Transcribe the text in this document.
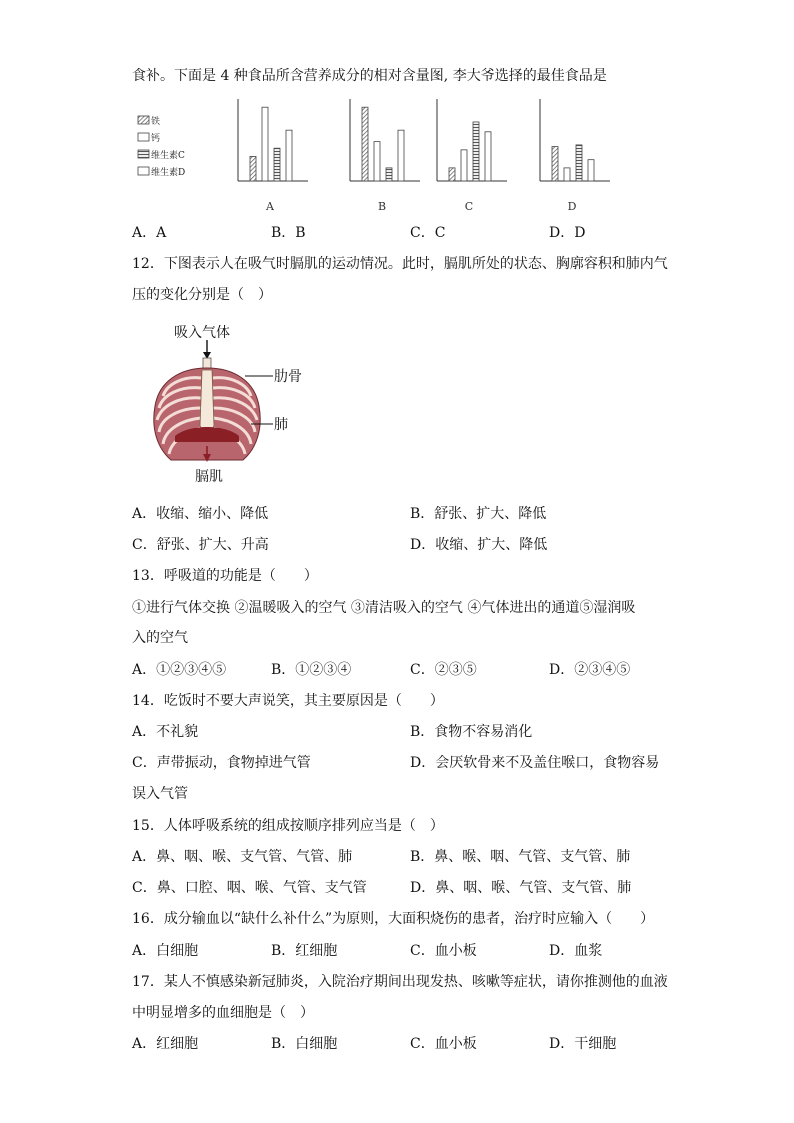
食补。下面是 4 种食品所含营养成分的相对含量图, 李大爷选择的最佳食品是
铁
钙
维生素C
维生素D
A	B	C	D
A．A	B．B	C．C	D．D
12．下图表示人在吸气时膈肌的运动情况。此时，膈肌所处的状态、胸廓容积和肺内气
压的变化分别是（　）
吸入气体
肋骨
肺
膈肌
A．收缩、缩小、降低	B．舒张、扩大、降低
C．舒张、扩大、升高	D．收缩、扩大、降低
13．呼吸道的功能是（　　）
①进行气体交换 ②温暖吸入的空气 ③清洁吸入的空气 ④气体进出的通道⑤湿润吸
入的空气
A．①②③④⑤	B．①②③④	C．②③⑤	D．②③④⑤
14．吃饭时不要大声说笑，其主要原因是（　　）
A．不礼貌	B．食物不容易消化
C．声带振动，食物掉进气管	D．会厌软骨来不及盖住喉口，食物容易
误入气管
15．人体呼吸系统的组成按顺序排列应当是（　）
A．鼻、咽、喉、支气管、气管、肺	B．鼻、喉、咽、气管、支气管、肺
C．鼻、口腔、咽、喉、气管、支气管	D．鼻、咽、喉、气管、支气管、肺
16．成分输血以“缺什么补什么”为原则，大面积烧伤的患者，治疗时应输入（　　）
A．白细胞	B．红细胞	C．血小板	D．血浆
17．某人不慎感染新冠肺炎，入院治疗期间出现发热、咳嗽等症状，请你推测他的血液
中明显增多的血细胞是（　）
A．红细胞	B．白细胞	C．血小板	D．干细胞
